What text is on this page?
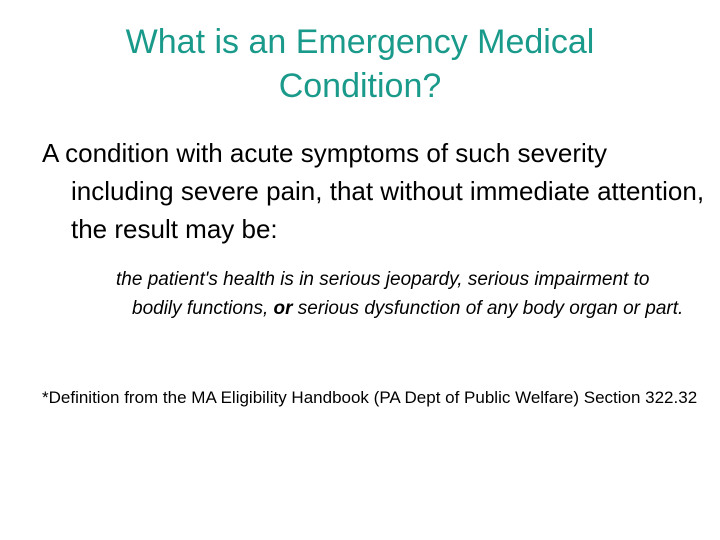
What is an Emergency Medical Condition?

A condition with acute symptoms of such severity including severe pain, that without immediate attention, the result may be:

the patient's health is in serious jeopardy, serious impairment to bodily functions, or serious dysfunction of any body organ or part.

*Definition from the MA Eligibility Handbook (PA Dept of Public Welfare) Section 322.32
